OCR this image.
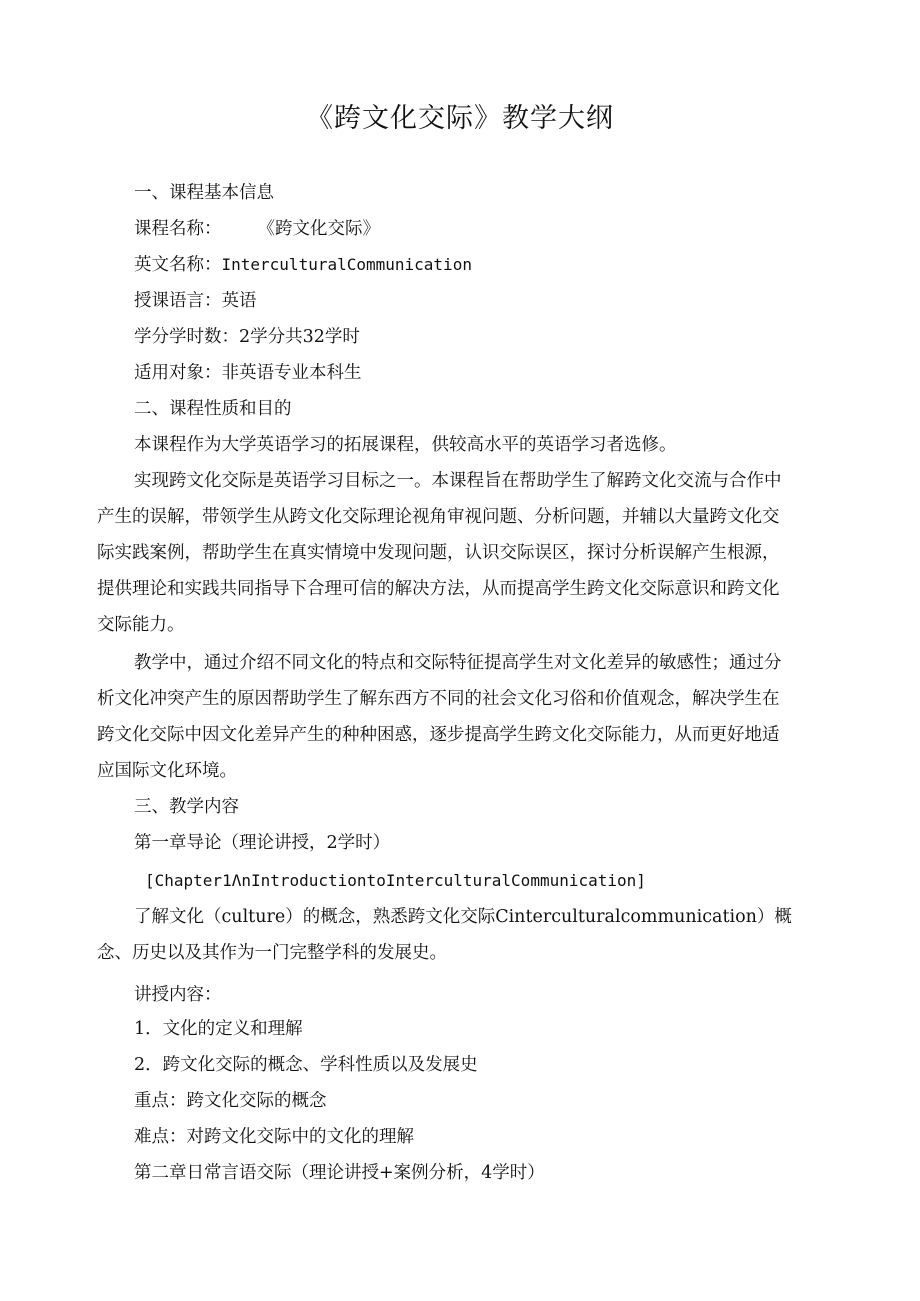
《跨文化交际》教学大纲
一、课程基本信息
课程名称： 《跨文化交际》
英文名称：InterculturalCommunication
授课语言：英语
学分学时数：2学分共32学时
适用对象：非英语专业本科生
二、课程性质和目的
本课程作为大学英语学习的拓展课程，供较高水平的英语学习者选修。
实现跨文化交际是英语学习目标之一。本课程旨在帮助学生了解跨文化交流与合作中
产生的误解，带领学生从跨文化交际理论视角审视问题、分析问题，并辅以大量跨文化交
际实践案例，帮助学生在真实情境中发现问题，认识交际误区，探讨分析误解产生根源，
提供理论和实践共同指导下合理可信的解决方法，从而提高学生跨文化交际意识和跨文化
交际能力。
教学中，通过介绍不同文化的特点和交际特征提高学生对文化差异的敏感性；通过分
析文化冲突产生的原因帮助学生了解东西方不同的社会文化习俗和价值观念，解决学生在
跨文化交际中因文化差异产生的种种困惑，逐步提高学生跨文化交际能力，从而更好地适
应国际文化环境。
三、教学内容
第一章导论（理论讲授，2学时）
[Chapter1ΛnIntroductiontoInterculturalCommunication]
了解文化（culture）的概念，熟悉跨文化交际Cinterculturalcommunication）概
念、历史以及其作为一门完整学科的发展史。
讲授内容：
1．文化的定义和理解
2．跨文化交际的概念、学科性质以及发展史
重点：跨文化交际的概念
难点：对跨文化交际中的文化的理解
第二章日常言语交际（理论讲授+案例分析，4学时）
